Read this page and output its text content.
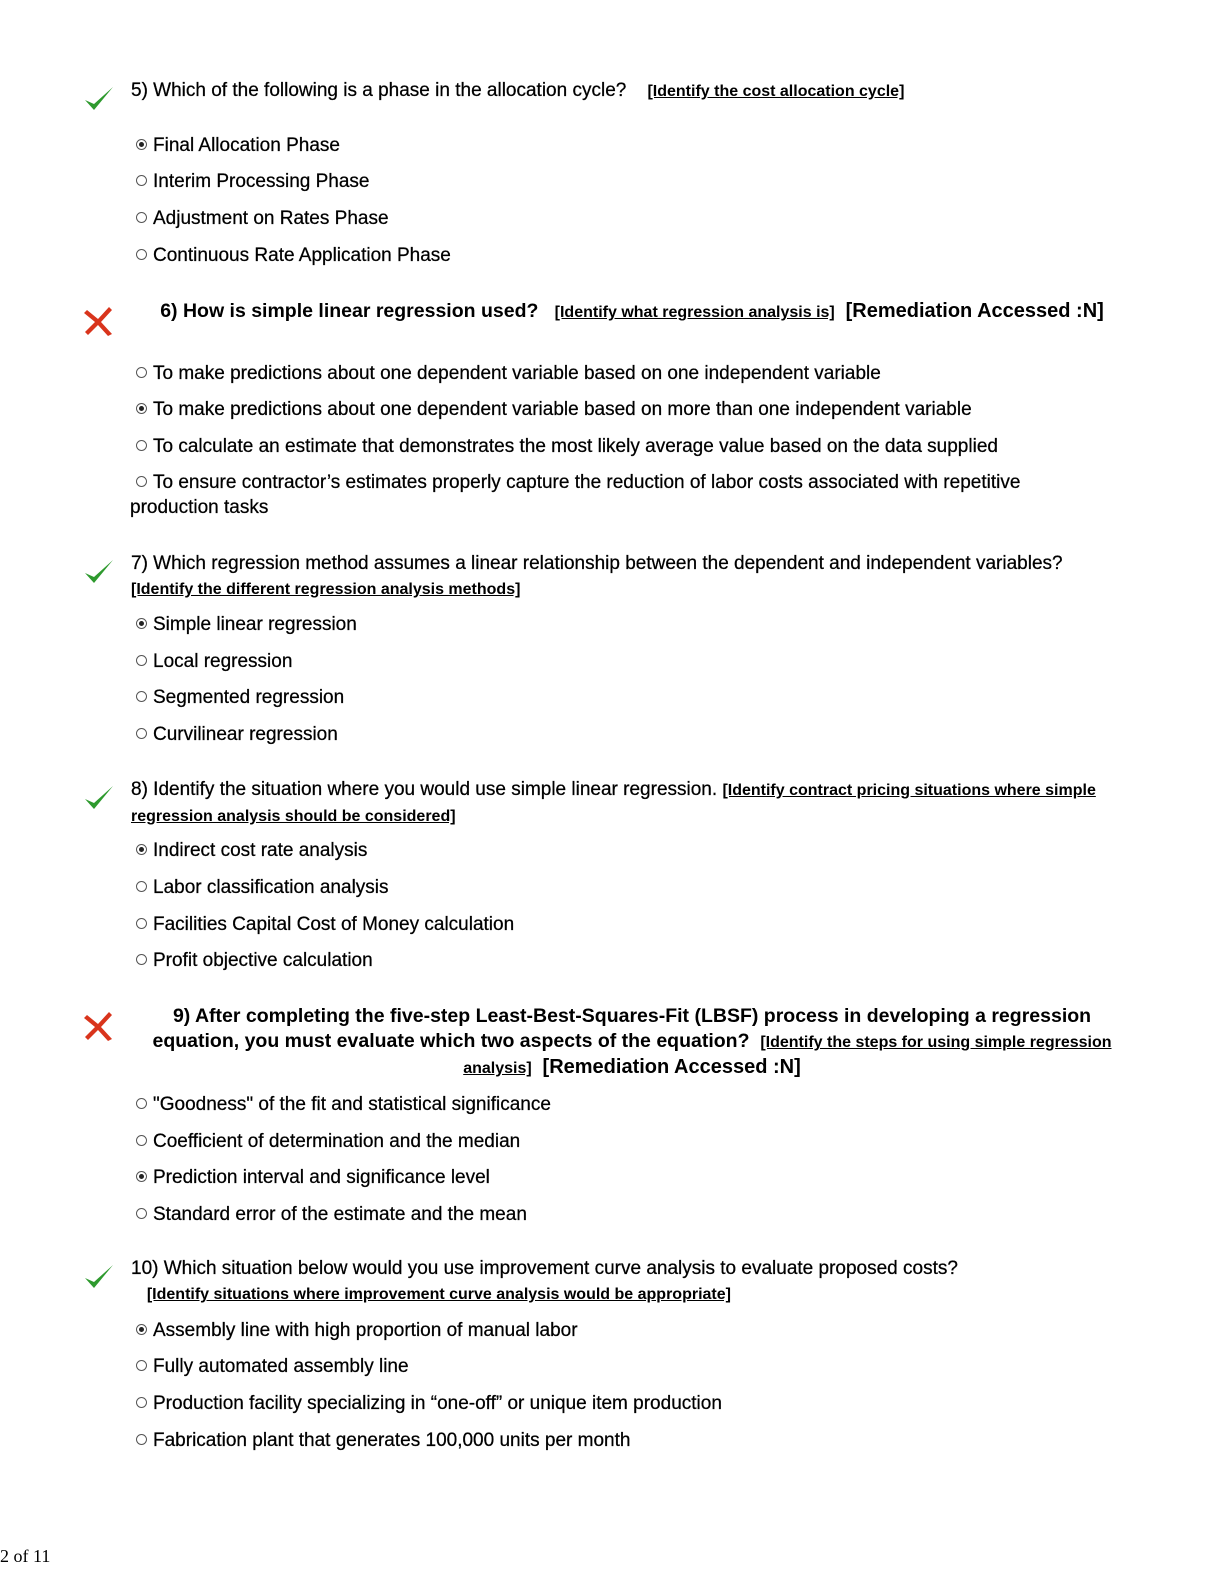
5) Which of the following is a phase in the allocation cycle? [Identify the cost allocation cycle]
Final Allocation Phase
Interim Processing Phase
Adjustment on Rates Phase
Continuous Rate Application Phase
6) How is simple linear regression used? [Identify what regression analysis is] [Remediation Accessed :N]
To make predictions about one dependent variable based on one independent variable
To make predictions about one dependent variable based on more than one independent variable
To calculate an estimate that demonstrates the most likely average value based on the data supplied
To ensure contractor’s estimates properly capture the reduction of labor costs associated with repetitive production tasks
7) Which regression method assumes a linear relationship between the dependent and independent variables? [Identify the different regression analysis methods]
Simple linear regression
Local regression
Segmented regression
Curvilinear regression
8) Identify the situation where you would use simple linear regression. [Identify contract pricing situations where simple regression analysis should be considered]
Indirect cost rate analysis
Labor classification analysis
Facilities Capital Cost of Money calculation
Profit objective calculation
9) After completing the five-step Least-Best-Squares-Fit (LBSF) process in developing a regression equation, you must evaluate which two aspects of the equation? [Identify the steps for using simple regression analysis] [Remediation Accessed :N]
"Goodness" of the fit and statistical significance
Coefficient of determination and the median
Prediction interval and significance level
Standard error of the estimate and the mean
10) Which situation below would you use improvement curve analysis to evaluate proposed costs?
[Identify situations where improvement curve analysis would be appropriate]
Assembly line with high proportion of manual labor
Fully automated assembly line
Production facility specializing in “one-off” or unique item production
Fabrication plant that generates 100,000 units per month
2 of 11
